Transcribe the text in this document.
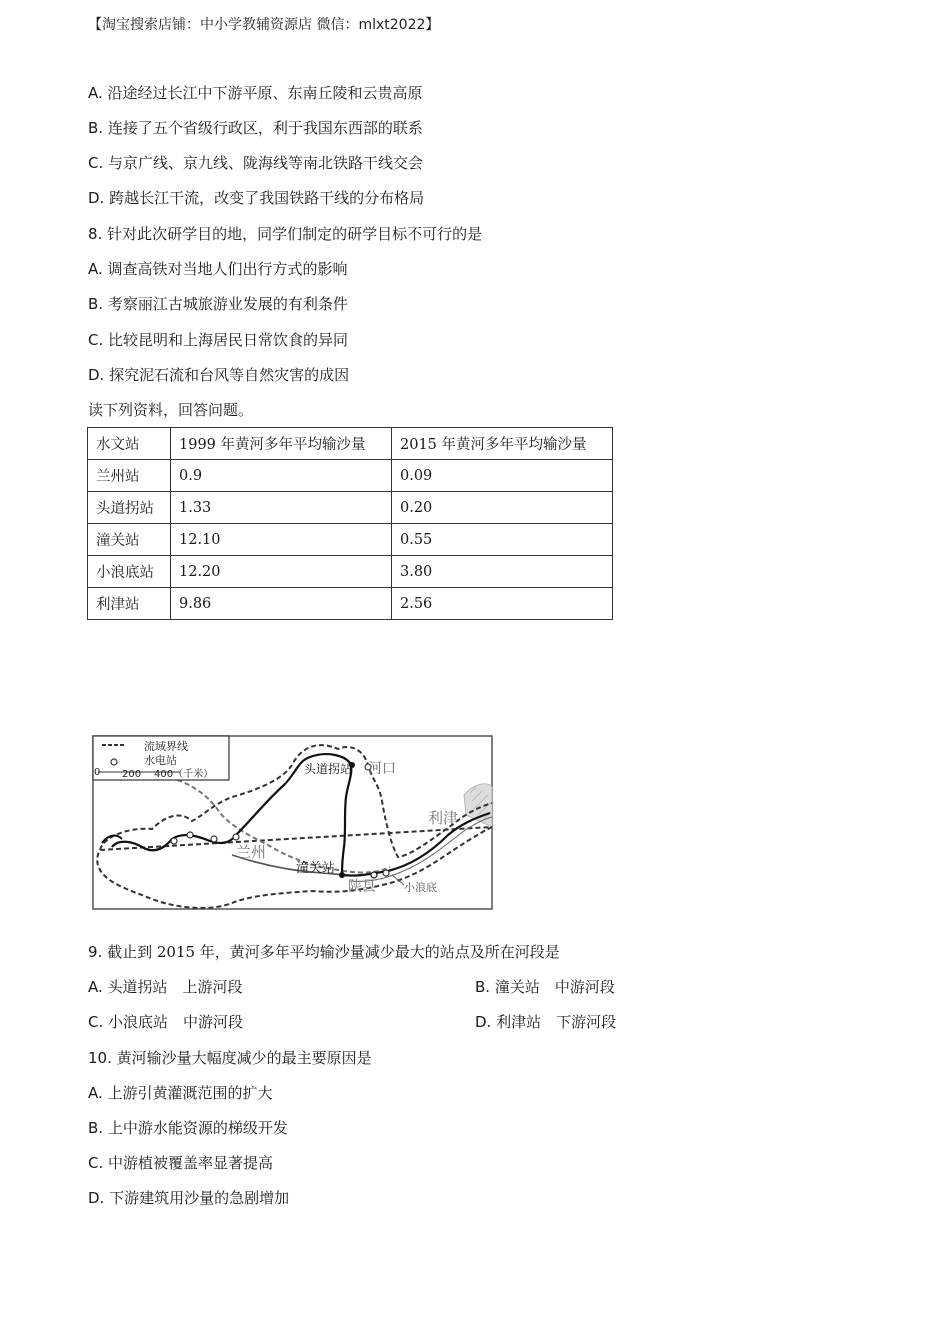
【淘宝搜索店铺：中小学教辅资源店 微信：mlxt2022】
A. 沿途经过长江中下游平原、东南丘陵和云贵高原
B. 连接了五个省级行政区，利于我国东西部的联系
C. 与京广线、京九线、陇海线等南北铁路干线交会
D. 跨越长江干流，改变了我国铁路干线的分布格局
8. 针对此次研学目的地，同学们制定的研学目标不可行的是
A. 调查高铁对当地人们出行方式的影响
B. 考察丽江古城旅游业发展的有利条件
C. 比较昆明和上海居民日常饮食的异同
D. 探究泥石流和台风等自然灾害的成因
读下列资料，回答问题。
水文站	1999 年黄河多年平均输沙量	2015 年黄河多年平均输沙量
兰州站	0.9	0.09
头道拐站	1.33	0.20
潼关站	12.10	0.55
小浪底站	12.20	3.80
利津站	9.86	2.56
流域界线
水电站
0 200 400（千米）	头道拐站 河口
利津
兰州
潼关站
陕县	小浪底
9. 截止到 2015 年，黄河多年平均输沙量减少最大的站点及所在河段是
A. 头道拐站　上游河段	B. 潼关站　中游河段
C. 小浪底站　中游河段	D. 利津站　下游河段
10. 黄河输沙量大幅度减少的最主要原因是
A. 上游引黄灌溉范围的扩大
B. 上中游水能资源的梯级开发
C. 中游植被覆盖率显著提高
D. 下游建筑用沙量的急剧增加
